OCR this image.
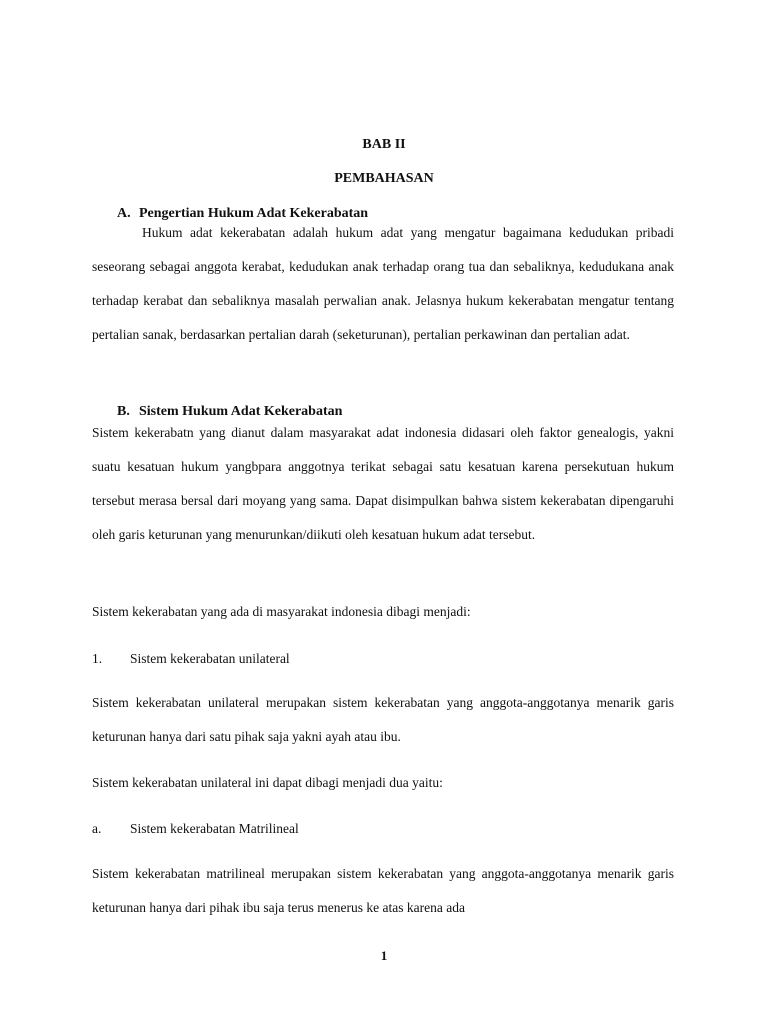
BAB II
PEMBAHASAN
A. Pengertian Hukum Adat Kekerabatan

Hukum adat kekerabatan adalah hukum adat yang mengatur bagaimana kedudukan pribadi seseorang sebagai anggota kerabat, kedudukan anak terhadap orang tua dan sebaliknya, kedudukana anak terhadap kerabat dan sebaliknya masalah perwalian anak. Jelasnya hukum kekerabatan mengatur tentang pertalian sanak, berdasarkan pertalian darah (seketurunan), pertalian perkawinan dan pertalian adat.

B. Sistem Hukum Adat Kekerabatan

Sistem kekerabatn yang dianut dalam masyarakat adat indonesia didasari oleh faktor genealogis, yakni suatu kesatuan hukum yangbpara anggotnya terikat sebagai satu kesatuan karena persekutuan hukum tersebut merasa bersal dari moyang yang sama. Dapat disimpulkan bahwa sistem kekerabatan dipengaruhi oleh garis keturunan yang menurunkan/diikuti oleh kesatuan hukum adat tersebut.

Sistem kekerabatan yang ada di masyarakat indonesia dibagi menjadi:
1. Sistem kekerabatan unilateral

Sistem kekerabatan unilateral merupakan sistem kekerabatan yang anggota-anggotanya menarik garis keturunan hanya dari satu pihak saja yakni ayah atau ibu.

Sistem kekerabatan unilateral ini dapat dibagi menjadi dua yaitu:
a. Sistem kekerabatan Matrilineal

Sistem kekerabatan matrilineal merupakan sistem kekerabatan yang anggota-anggotanya menarik garis keturunan hanya dari pihak ibu saja terus menerus ke atas karena ada

1
